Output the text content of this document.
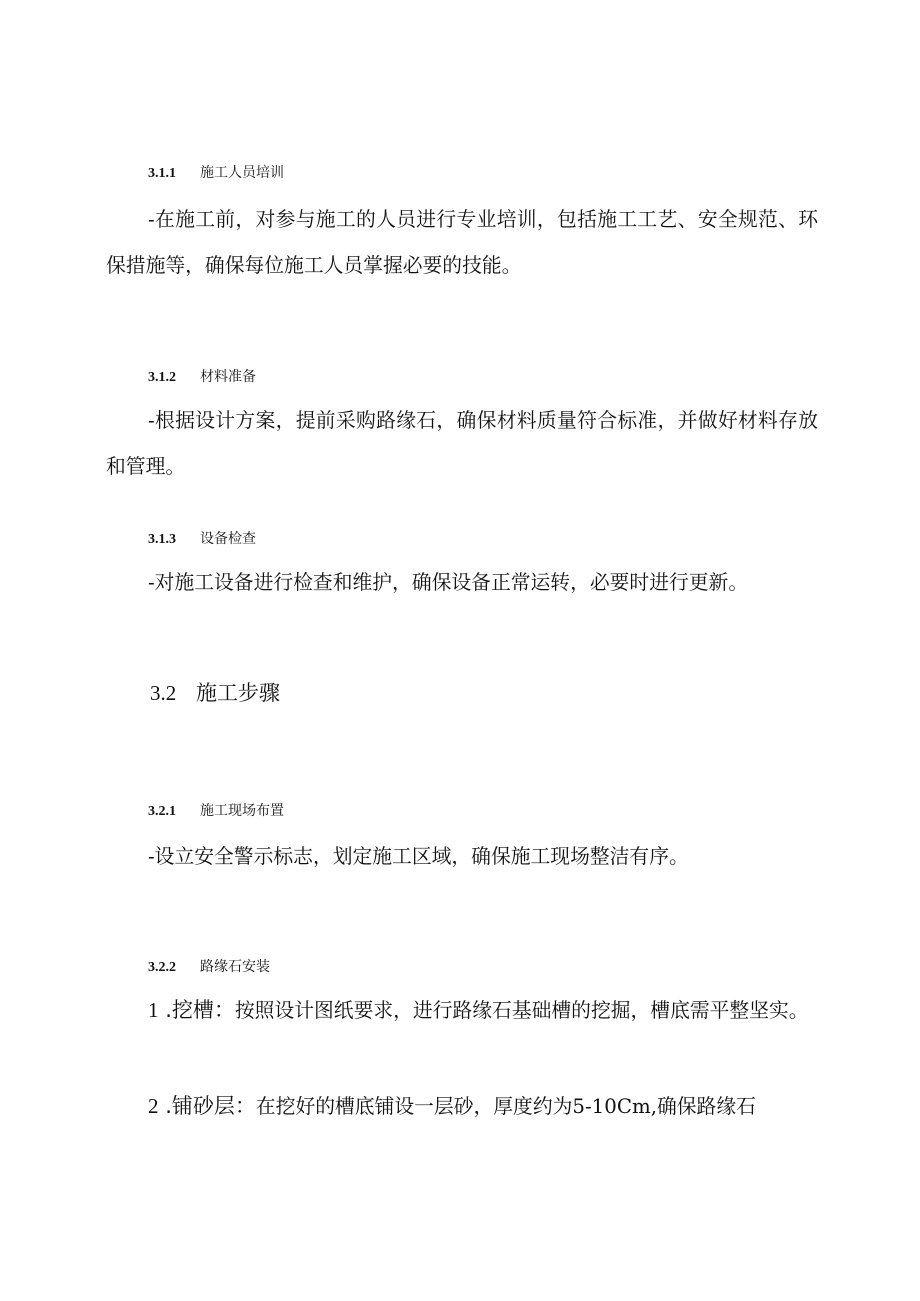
3.1.1 施工人员培训

-在施工前，对参与施工的人员进行专业培训，包括施工工艺、安全规范、环保措施等，确保每位施工人员掌握必要的技能。

3.1.2 材料准备

-根据设计方案，提前采购路缘石，确保材料质量符合标准，并做好材料存放和管理。

3.1.3 设备检查

-对施工设备进行检查和维护，确保设备正常运转，必要时进行更新。

3.2 施工步骤
3.2.1 施工现场布置

-设立安全警示标志，划定施工区域，确保施工现场整洁有序。

3.2.2 路缘石安装

1 .挖槽：按照设计图纸要求，进行路缘石基础槽的挖掘，槽底需平整坚实。

2 .铺砂层：在挖好的槽底铺设一层砂，厚度约为5-10Cm,确保路缘石
